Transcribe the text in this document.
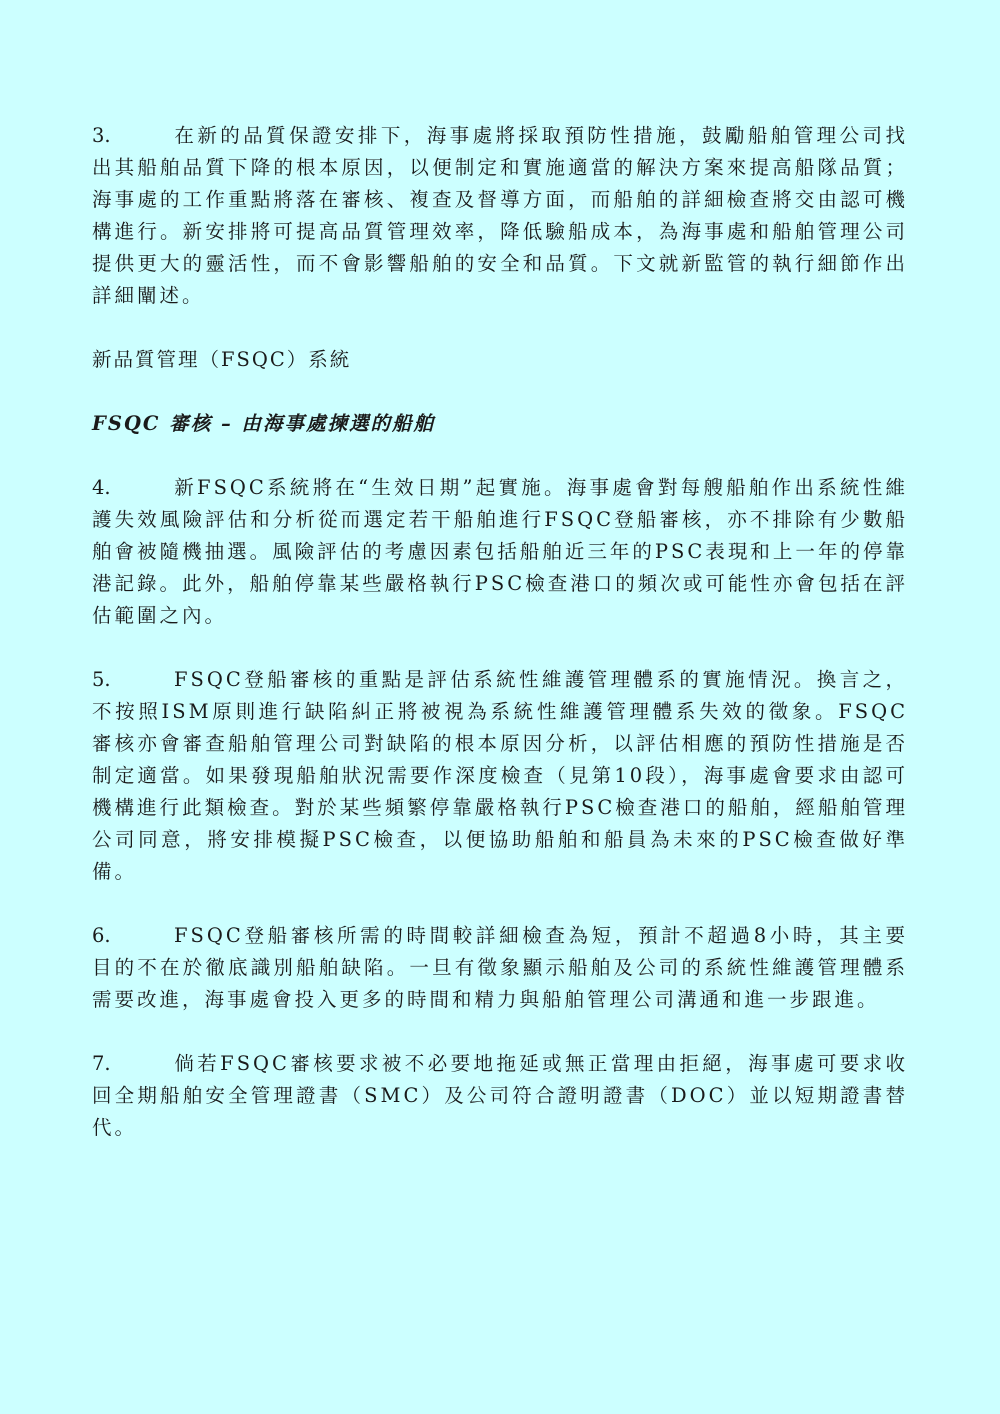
3.	在新的品質保證安排下，海事處將採取預防性措施，鼓勵船舶管理公司找出其船舶品質下降的根本原因，以便制定和實施適當的解決方案來提高船隊品質；海事處的工作重點將落在審核、複查及督導方面，而船舶的詳細檢查將交由認可機構進行。新安排將可提高品質管理效率，降低驗船成本，為海事處和船舶管理公司提供更大的靈活性，而不會影響船舶的安全和品質。下文就新監管的執行細節作出詳細闡述。

新品質管理（FSQC）系統

FSQC 審核 – 由海事處揀選的船舶

4.	新FSQC系統將在“生效日期”起實施。海事處會對每艘船舶作出系統性維護失效風險評估和分析從而選定若干船舶進行FSQC登船審核，亦不排除有少數船舶會被隨機抽選。風險評估的考慮因素包括船舶近三年的PSC表現和上一年的停靠港記錄。此外，船舶停靠某些嚴格執行PSC檢查港口的頻次或可能性亦會包括在評估範圍之內。

5.	FSQC登船審核的重點是評估系統性維護管理體系的實施情況。換言之，不按照ISM原則進行缺陷糾正將被視為系統性維護管理體系失效的徵象。FSQC審核亦會審查船舶管理公司對缺陷的根本原因分析，以評估相應的預防性措施是否制定適當。如果發現船舶狀況需要作深度檢查（見第10段），海事處會要求由認可機構進行此類檢查。對於某些頻繁停靠嚴格執行PSC檢查港口的船舶，經船舶管理公司同意，將安排模擬PSC檢查，以便協助船舶和船員為未來的PSC檢查做好準備。

6.	FSQC登船審核所需的時間較詳細檢查為短，預計不超過8小時，其主要目的不在於徹底識別船舶缺陷。一旦有徵象顯示船舶及公司的系統性維護管理體系需要改進，海事處會投入更多的時間和精力與船舶管理公司溝通和進一步跟進。

7.	倘若FSQC審核要求被不必要地拖延或無正當理由拒絕，海事處可要求收回全期船舶安全管理證書（SMC）及公司符合證明證書（DOC）並以短期證書替代。
